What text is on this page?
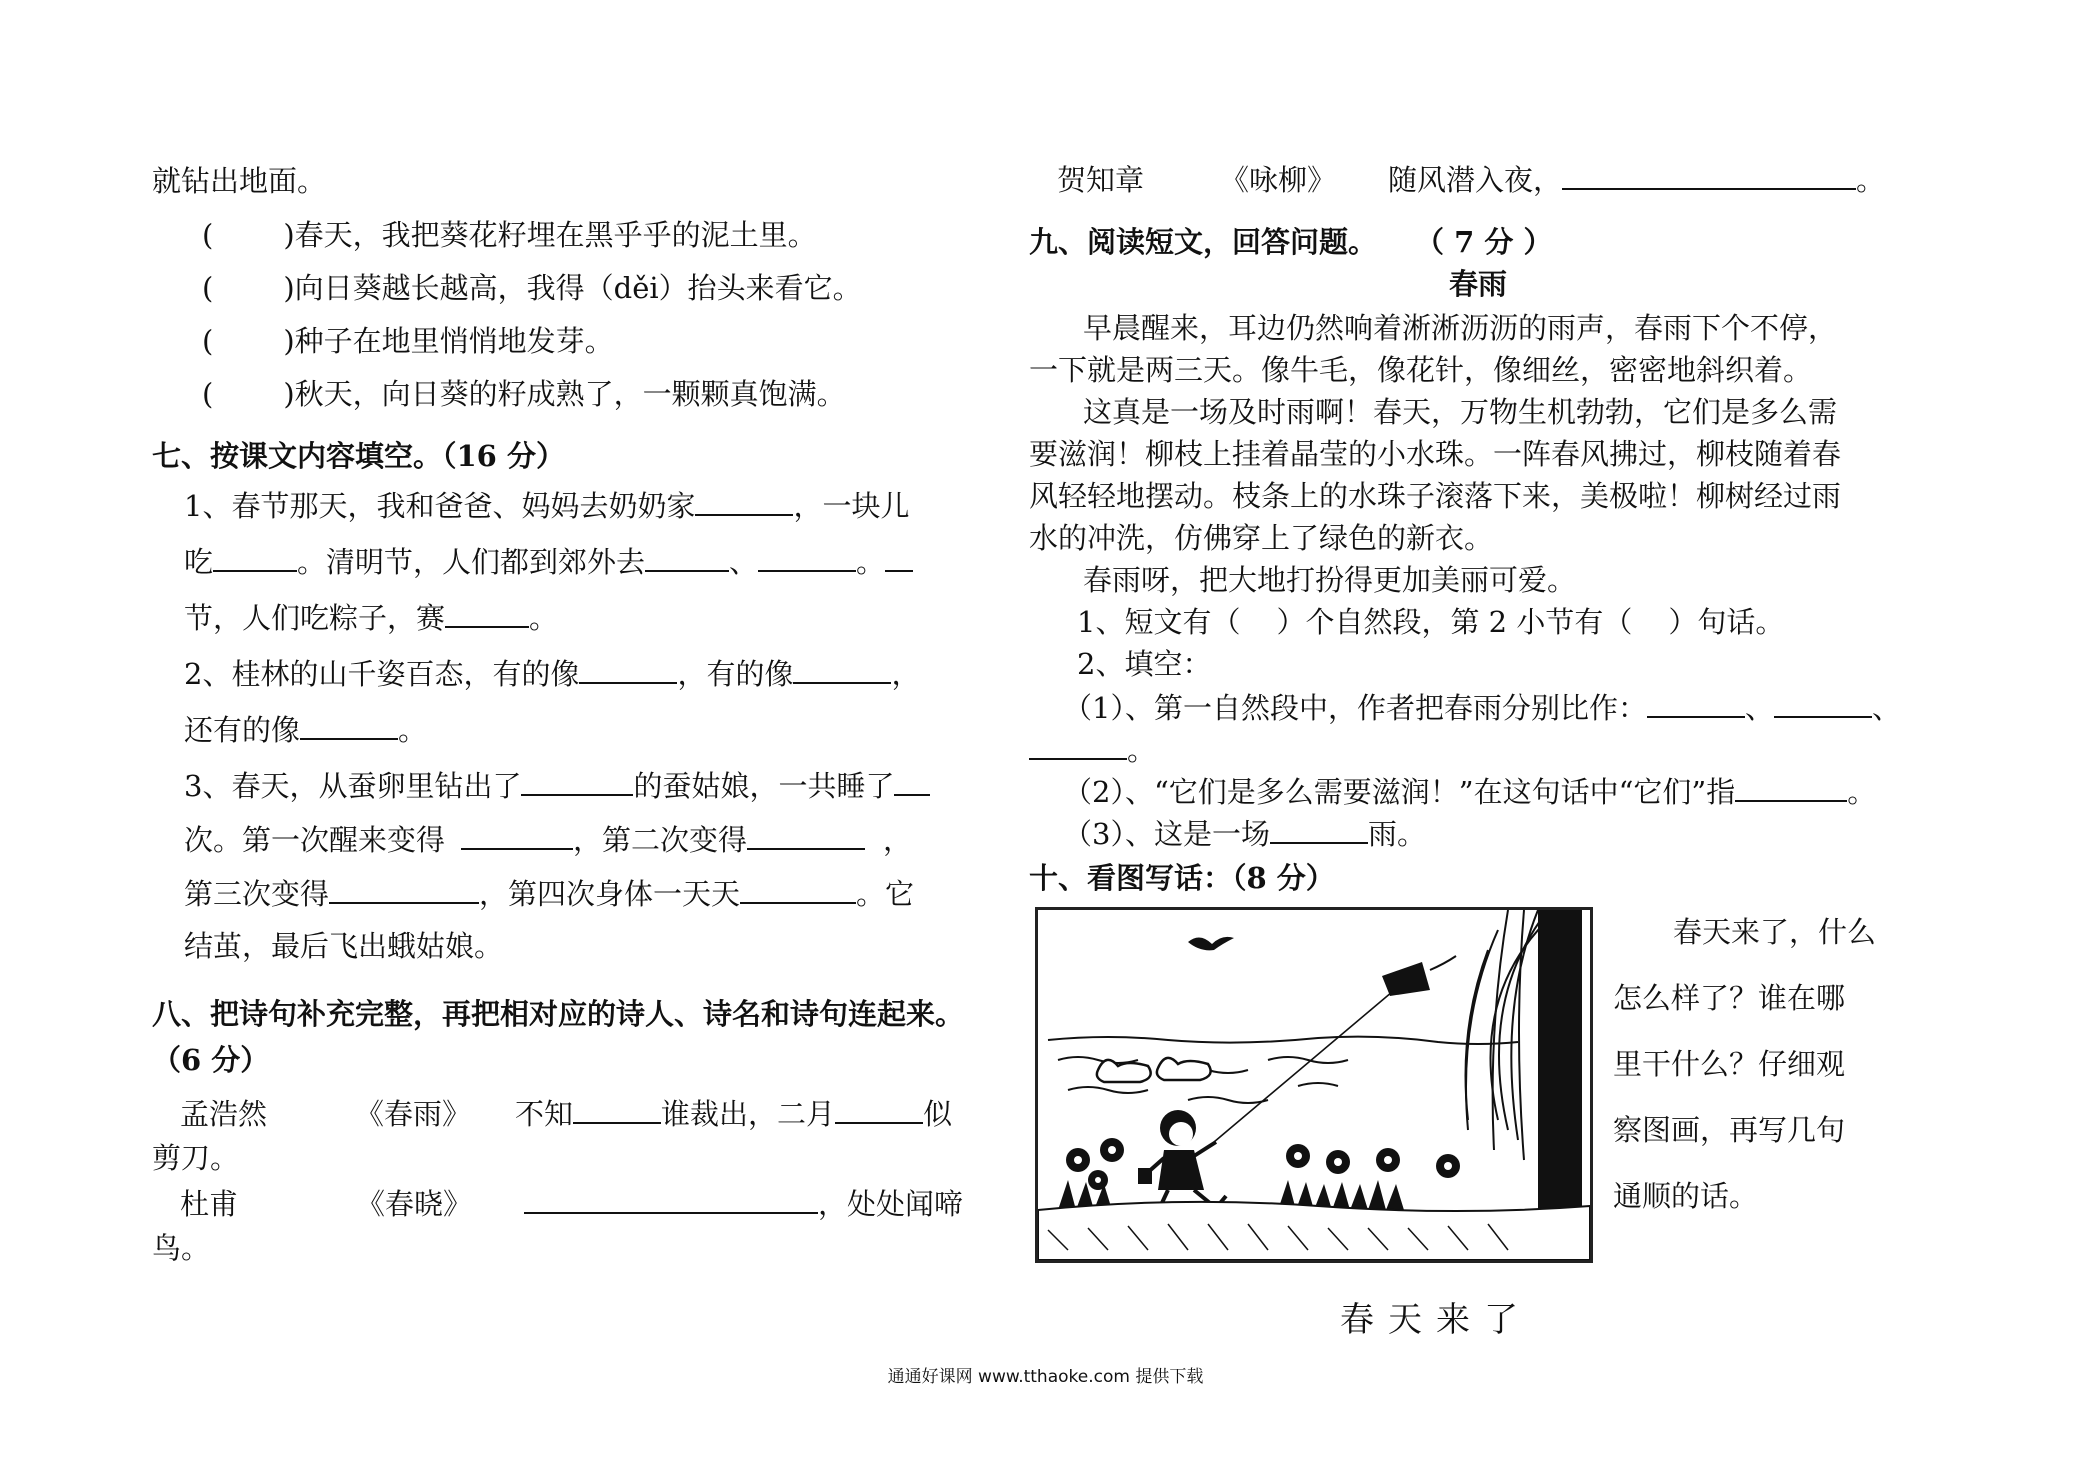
就钻出地面。
( )春天，我把葵花籽埋在黑乎乎的泥土里。
( )向日葵越长越高，我得（děi）抬头来看它。
( )种子在地里悄悄地发芽。
( )秋天，向日葵的籽成熟了，一颗颗真饱满。
七、按课文内容填空。（16 分）
1、春节那天，我和爸爸、妈妈去奶奶家	，一块儿
吃	。清明节，人们都到郊外去	、	。
节，人们吃粽子，赛	。
2、桂林的山千姿百态，有的像	，有的像	，
还有的像	。
3、春天，从蚕卵里钻出了	的蚕姑娘，一共睡了
次。第一次醒来变得	，第二次变得	，
第三次变得	，第四次身体一天天	。它
结茧，最后飞出蛾姑娘。
八、把诗句补充完整，再把相对应的诗人、诗名和诗句连起来。
（6 分）
孟浩然	《春雨》 不知	谁裁出，二月	似
剪刀。
杜甫	《春晓》	，处处闻啼
鸟。
贺知章	《咏柳》 随风潜入夜，	。
九、阅读短文，回答问题。 （ 7 分 ）
春雨
早晨醒来，耳边仍然响着淅淅沥沥的雨声，春雨下个不停，
一下就是两三天。像牛毛，像花针，像细丝，密密地斜织着。
这真是一场及时雨啊！春天，万物生机勃勃，它们是多么需
要滋润！柳枝上挂着晶莹的小水珠。一阵春风拂过，柳枝随着春
风轻轻地摆动。枝条上的水珠子滚落下来，美极啦！柳树经过雨
水的冲洗，仿佛穿上了绿色的新衣。
春雨呀，把大地打扮得更加美丽可爱。
1、短文有（ ）个自然段，第 2 小节有（ ）句话。
2、填空：
（1）、第一自然段中，作者把春雨分别比作：	、	、
。
（2）、“它们是多么需要滋润！”在这句话中“它们”指	。
（3）、这是一场	雨。
十、看图写话：（8 分）
春天来了，什么
怎么样了？谁在哪
里干什么？仔细观
察图画，再写几句
通顺的话。
春天来了
通通好课网 www.tthaoke.com 提供下载
